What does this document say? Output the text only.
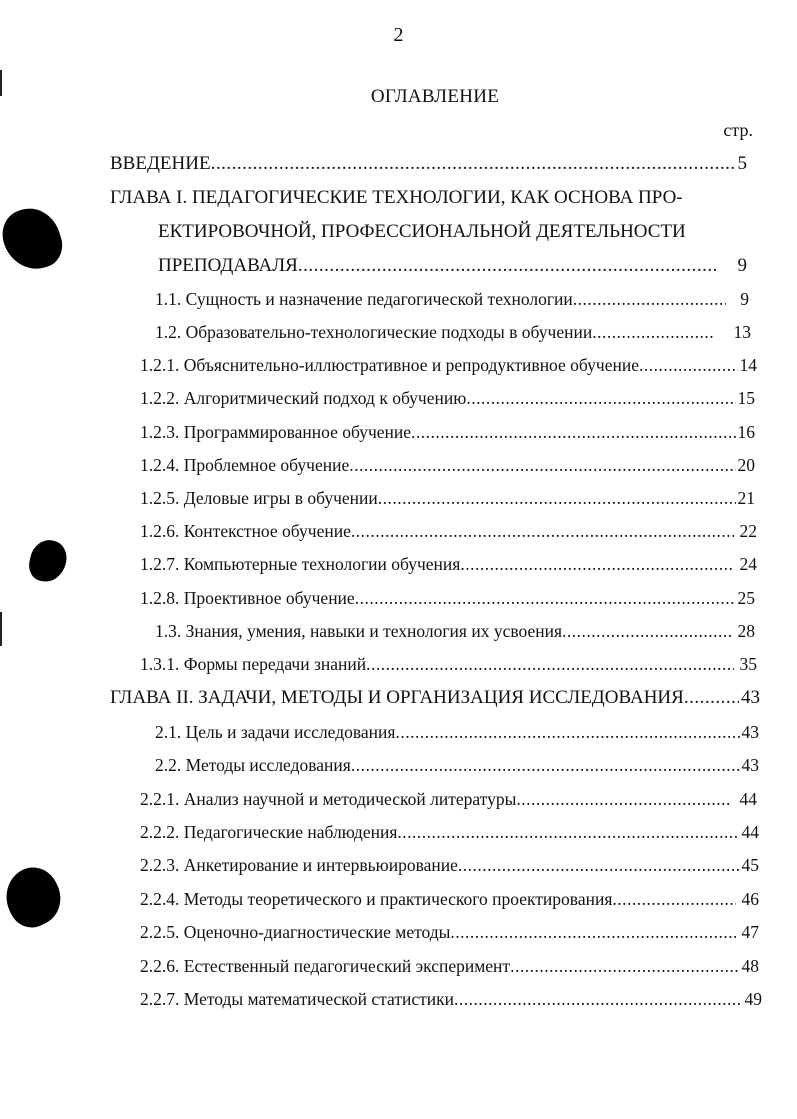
2
ОГЛАВЛЕНИЕ
стр.
ВВЕДЕНИЕ .....	5
ГЛАВА I. ПЕДАГОГИЧЕСКИЕ ТЕХНОЛОГИИ, КАК ОСНОВА ПРО-
ЕКТИРОВОЧНОЙ, ПРОФЕССИОНАЛЬНОЙ ДЕЯТЕЛЬНОСТИ
ПРЕПОДАВАЛЯ .....	9
1.1. Сущность и назначение педагогической технологии .....	9
1.2. Образовательно-технологические подходы в обучении .....	13
1.2.1. Объяснительно-иллюстративное и репродуктивное обучение .....	14
1.2.2. Алгоритмический подход к обучению .....	15
1.2.3. Программированное обучение .....	16
1.2.4. Проблемное обучение .....	20
1.2.5. Деловые игры в обучении .....	21
1.2.6. Контекстное обучение .....	22
1.2.7. Компьютерные технологии обучения .....	24
1.2.8. Проективное обучение .....	25
1.3. Знания, умения, навыки и технология их усвоения .....	28
1.3.1. Формы передачи знаний .....	35
ГЛАВА II. ЗАДАЧИ, МЕТОДЫ И ОРГАНИЗАЦИЯ ИССЛЕДОВАНИЯ .....	43
2.1. Цель и задачи исследования .....	43
2.2. Методы исследования .....	43
2.2.1. Анализ научной и методической литературы .....	44
2.2.2. Педагогические наблюдения .....	44
2.2.3. Анкетирование и интервьюирование .....	45
2.2.4. Методы теоретического и практического проектирования .....	46
2.2.5. Оценочно-диагностические методы .....	47
2.2.6. Естественный педагогический эксперимент .....	48
2.2.7. Методы математической статистики .....	49
